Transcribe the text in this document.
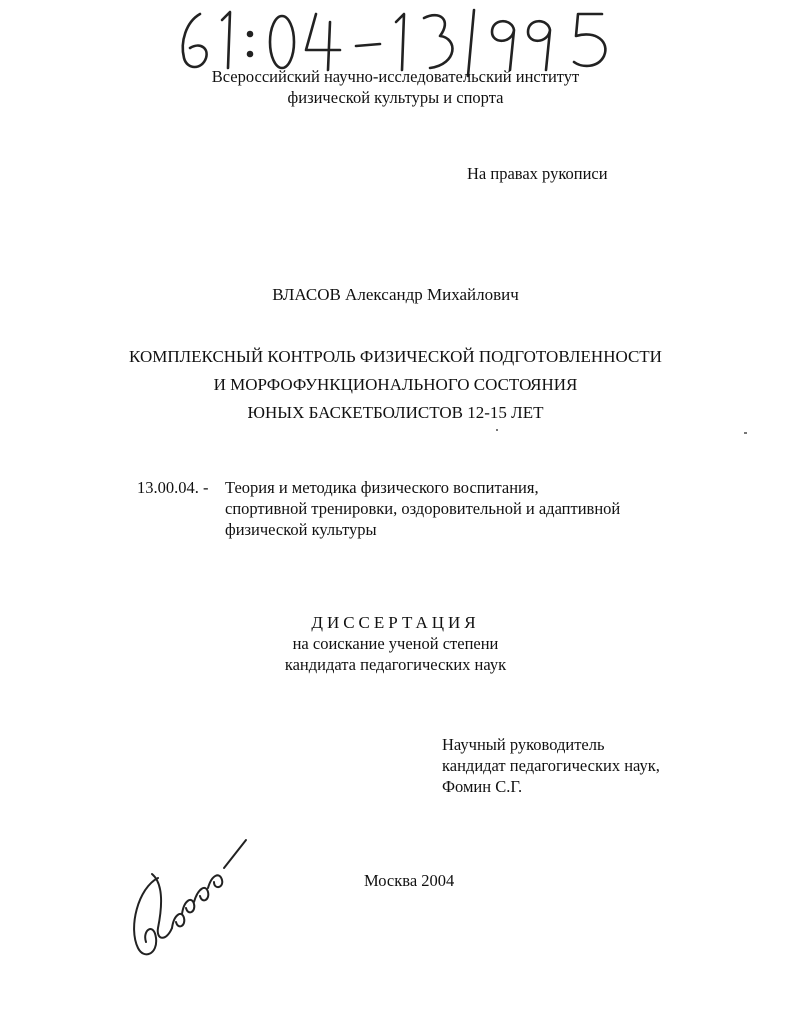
Всероссийский научно-исследовательский институт
физической культуры и спорта
На правах рукописи
ВЛАСОВ Александр Михайлович
КОМПЛЕКСНЫЙ КОНТРОЛЬ ФИЗИЧЕСКОЙ ПОДГОТОВЛЕННОСТИ
И МОРФОФУНКЦИОНАЛЬНОГО СОСТОЯНИЯ
ЮНЫХ БАСКЕТБОЛИСТОВ 12-15 ЛЕТ
13.00.04. - Теория и методика физического воспитания,
спортивной тренировки, оздоровительной и адаптивной
физической культуры
ДИССЕРТАЦИЯ
на соискание ученой степени
кандидата педагогических наук
Научный руководитель
кандидат педагогических наук,
Фомин С.Г.
Москва 2004
